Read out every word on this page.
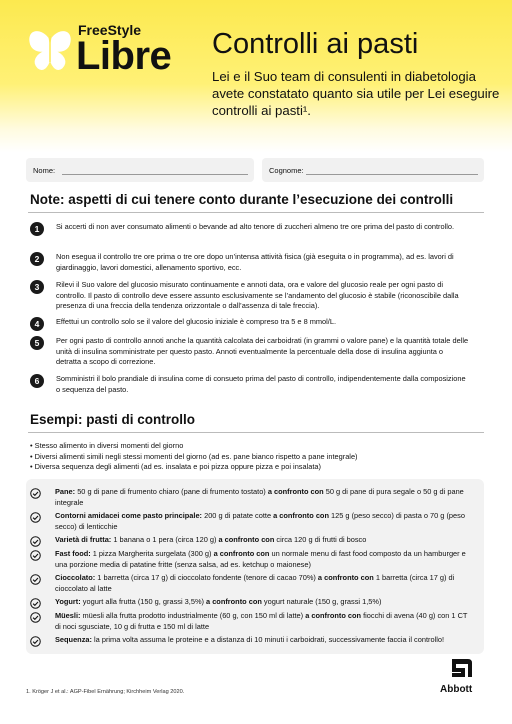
FreeStyle
Libre Controlli ai pasti

Lei e il Suo team di consulenti in diabetologia avete constatato quanto sia utile per Lei eseguire controlli ai pasti¹.

Nome:	Cognome:
Note: aspetti di cui tenere conto durante l’esecuzione dei controlli
1	Si accerti di non aver consumato alimenti o bevande ad alto tenore di zuccheri almeno tre ore prima del pasto di controllo.

2	Non esegua il controllo tre ore prima o tre ore dopo un’intensa attività fisica (già eseguita o in programma), ad es. lavori di giardinaggio, lavori domestici, allenamento sportivo, ecc.

3	Rilevi il Suo valore del glucosio misurato continuamente e annoti data, ora e valore del glucosio reale per ogni pasto di controllo. Il pasto di controllo deve essere assunto esclusivamente se l’andamento del glucosio è stabile (riconoscibile dalla presenza di una freccia della tendenza orizzontale o dall’assenza di tale freccia).

4	Effettui un controllo solo se il valore del glucosio iniziale è compreso tra 5 e 8 mmol/L.

5	Per ogni pasto di controllo annoti anche la quantità calcolata dei carboidrati (in grammi o valore pane) e la quantità totale delle unità di insulina somministrate per questo pasto. Annoti eventualmente la percentuale della dose di insulina aggiunta o detratta a scopo di correzione.

6	Somministri il bolo prandiale di insulina come di consueto prima del pasto di controllo, indipendentemente dalla composizione o sequenza del pasto.

Esempi: pasti di controllo
• Stesso alimento in diversi momenti del giorno
• Diversi alimenti simili negli stessi momenti del giorno (ad es. pane bianco rispetto a pane integrale)
• Diversa sequenza degli alimenti (ad es. insalata e poi pizza oppure pizza e poi insalata)

Pane: 50 g di pane di frumento chiaro (pane di frumento tostato) a confronto con 50 g di pane di pura segale o 50 g di pane integrale

Contorni amidacei come pasto principale: 200 g di patate cotte a confronto con 125 g (peso secco) di pasta o 70 g (peso secco) di lenticchie

Varietà di frutta: 1 banana o 1 pera (circa 120 g) a confronto con circa 120 g di frutti di bosco

Fast food: 1 pizza Margherita surgelata (300 g) a confronto con un normale menu di fast food composto da un hamburger e una porzione media di patatine fritte (senza salsa, ad es. ketchup o maionese)

Cioccolato: 1 barretta (circa 17 g) di cioccolato fondente (tenore di cacao 70%) a confronto con 1 barretta (circa 17 g) di cioccolato al latte

Yogurt: yogurt alla frutta (150 g, grassi 3,5%) a confronto con yogurt naturale (150 g, grassi 1,5%)

Müesli: müesli alla frutta prodotto industrialmente (60 g, con 150 ml di latte) a confronto con fiocchi di avena (40 g) con 1 CT di noci sgusciate, 10 g di frutta e 150 ml di latte

Sequenza: la prima volta assuma le proteine e a distanza di 10 minuti i carboidrati, successivamente faccia il controllo!

1. Kröger J et al.: AGP-Fibel Ernährung; Kirchheim Verlag 2020.	Abbott
